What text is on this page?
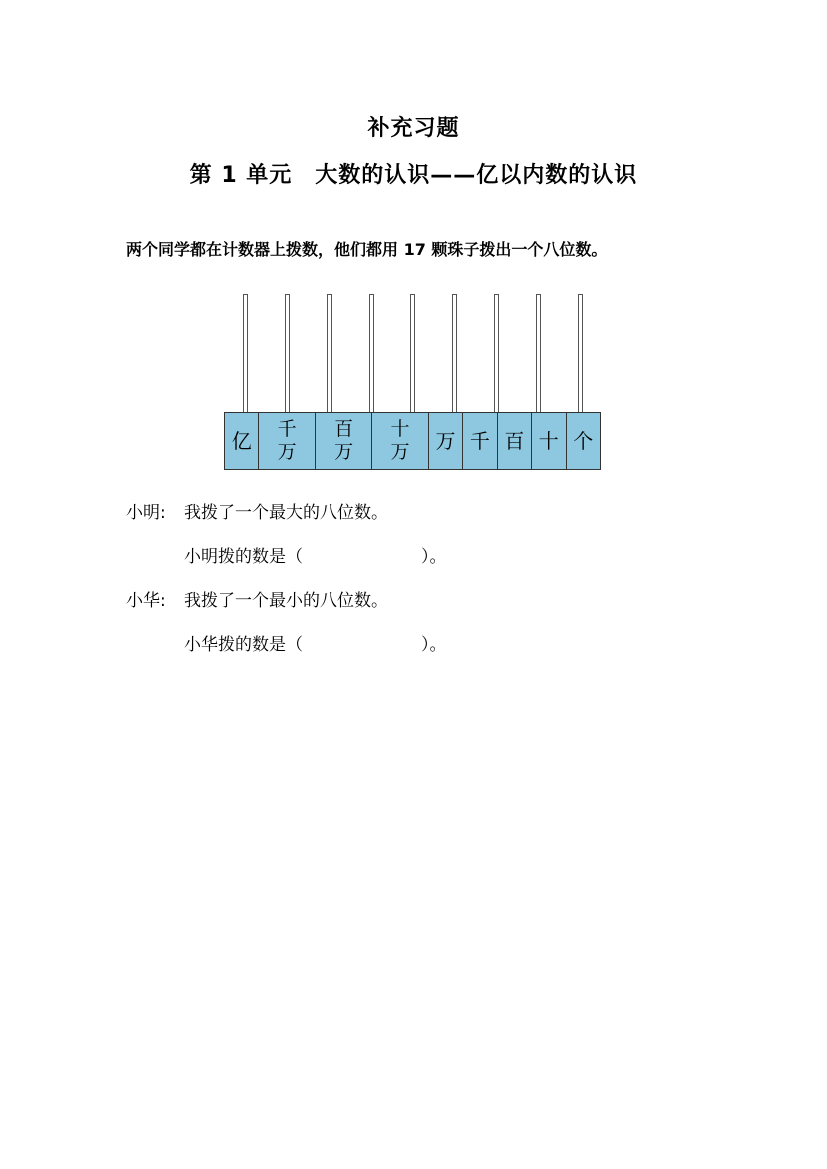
补充习题
第 1 单元　大数的认识——亿以内数的认识
两个同学都在计数器上拨数，他们都用 17 颗珠子拨出一个八位数。
亿	千万
百万
十万	万 千 百 十 个
小明: 我拨了一个最大的八位数。
小明拨的数是（	）。
小华: 我拨了一个最小的八位数。
小华拨的数是（	）。
